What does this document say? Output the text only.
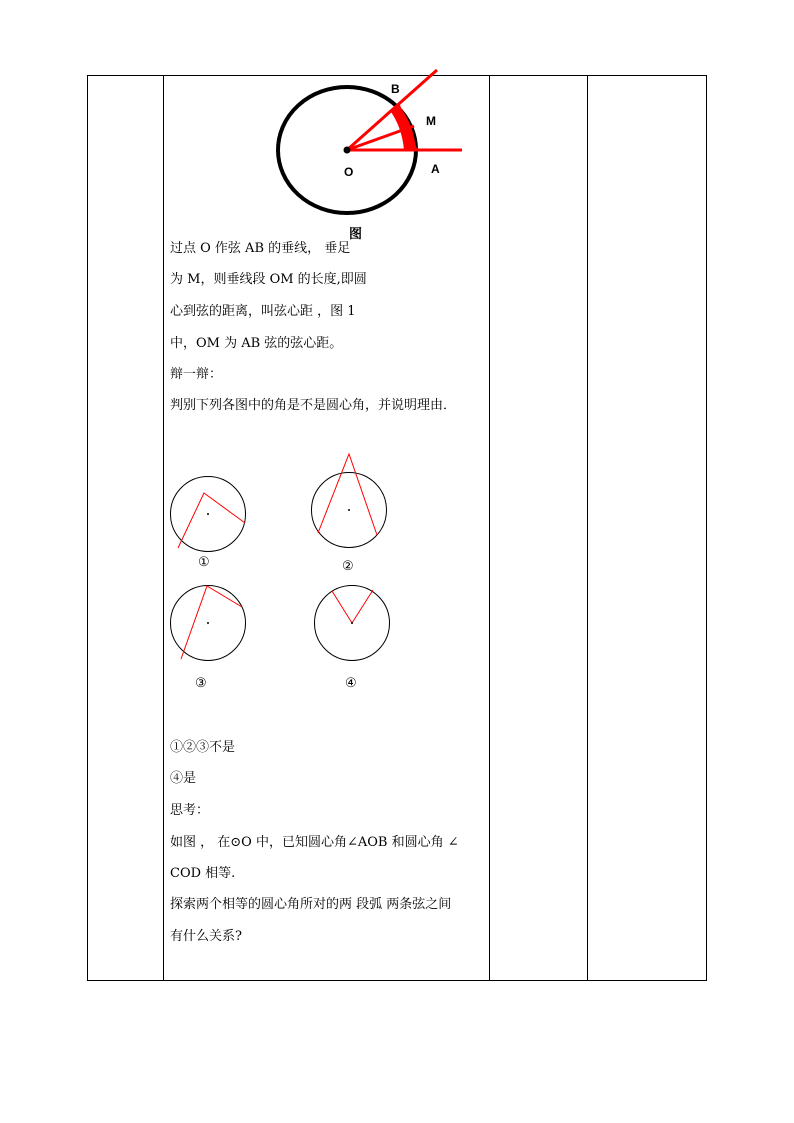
B
M
A
O
图
过点 O 作弦 AB 的垂线， 垂足
为 M，则垂线段 OM 的长度,即圆
心到弦的距离，叫弦心距 ，图 1
中，OM 为 AB 弦的弦心距。
辩一辩：
判别下列各图中的角是不是圆心角，并说明理由．
①	②
③	④
①②③不是
④是
思考：
如图 ， 在⊙O 中，已知圆心角∠AOB 和圆心角 ∠
COD 相等.
探索两个相等的圆心角所对的两 段弧 两条弦之间
有什么关系?
